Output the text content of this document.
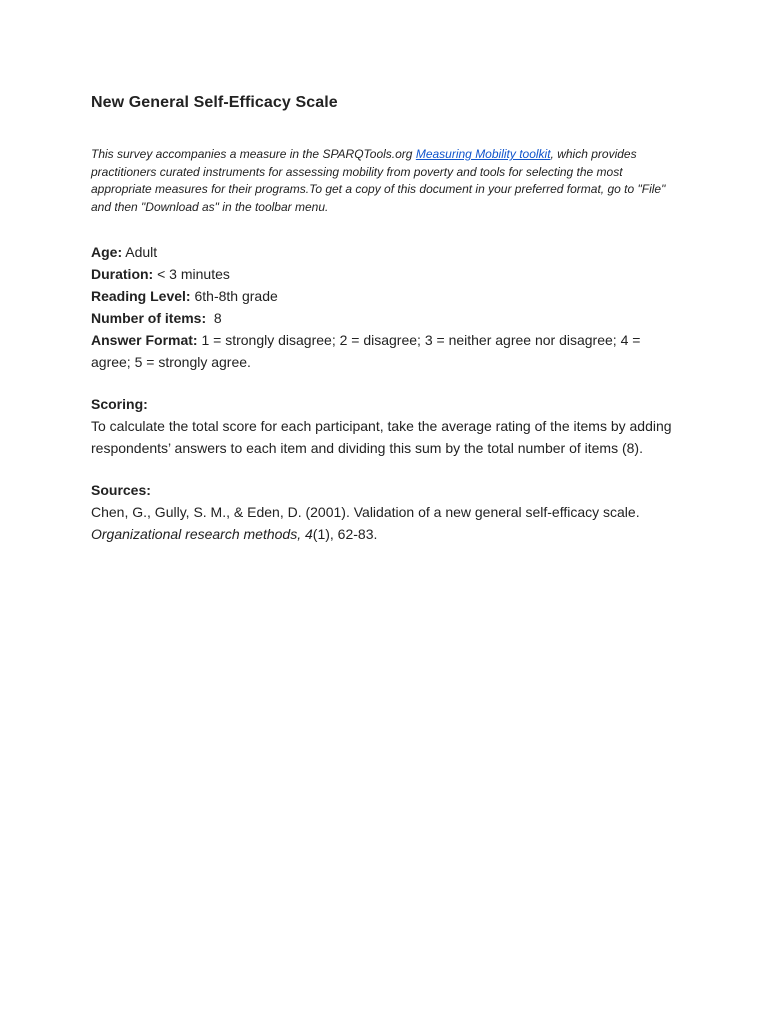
New General Self-Efficacy Scale

This survey accompanies a measure in the SPARQTools.org Measuring Mobility toolkit, which provides practitioners curated instruments for assessing mobility from poverty and tools for selecting the most appropriate measures for their programs.To get a copy of this document in your preferred format, go to "File" and then "Download as" in the toolbar menu.

Age: Adult

Duration: < 3 minutes

Reading Level: 6th-8th grade

Number of items:  8

Answer Format: 1 = strongly disagree; 2 = disagree; 3 = neither agree nor disagree; 4 = agree; 5 = strongly agree.

Scoring:

To calculate the total score for each participant, take the average rating of the items by adding respondents’ answers to each item and dividing this sum by the total number of items (8).

Sources:

Chen, G., Gully, S. M., & Eden, D. (2001). Validation of a new general self-efficacy scale. Organizational research methods, 4(1), 62-83.
